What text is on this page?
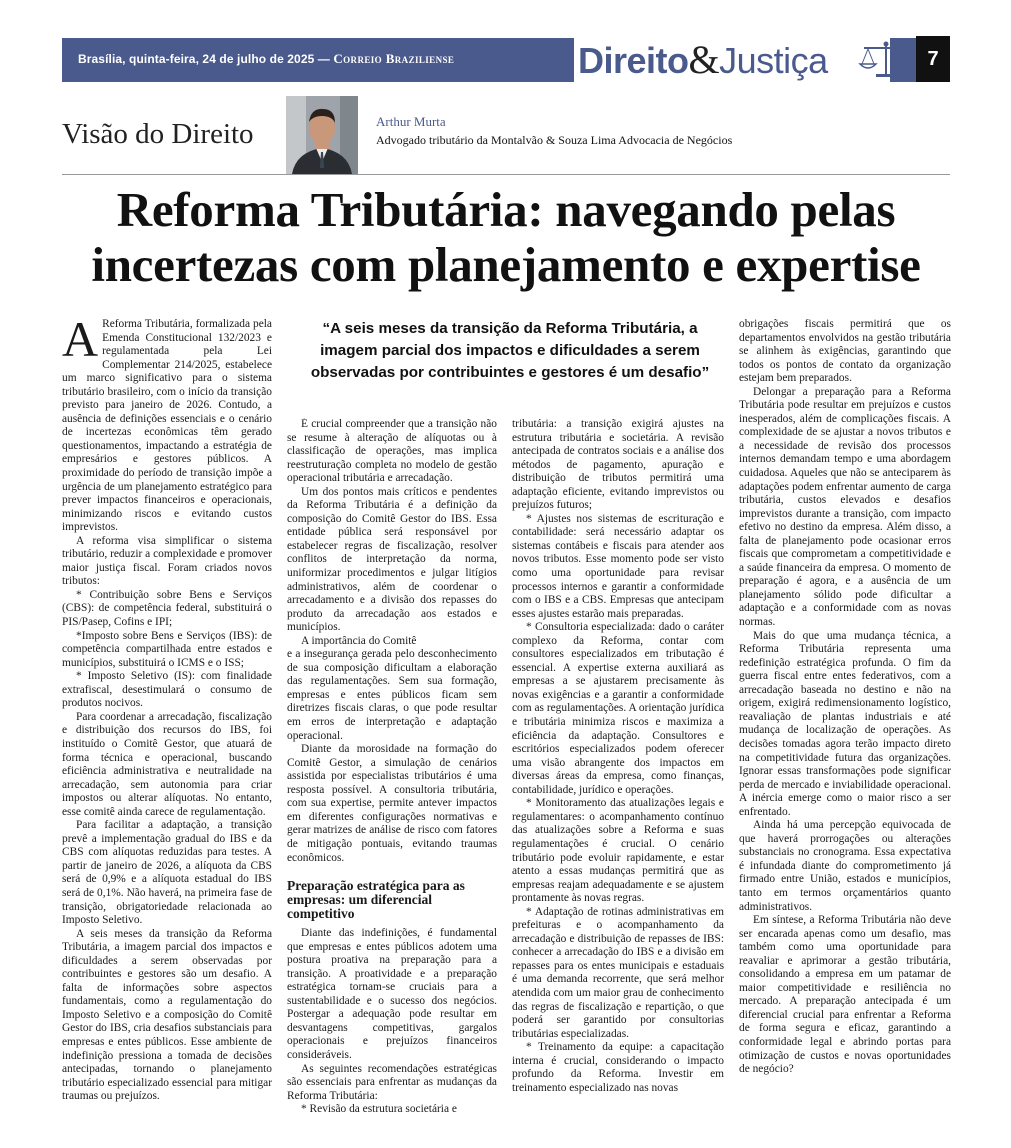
Brasília, quinta-feira, 24 de julho de 2025 — Correio Braziliense	Direito&Justiça	7
Visão do Direito	Arthur Murta
Advogado tributário da Montalvão & Souza Lima Advocacia de Negócios
Reforma Tributária: navegando pelas incertezas com planejamento e expertise
“A seis meses da transição da Reforma Tributária, a imagem parcial dos impactos e dificuldades a serem observadas por contribuintes e gestores é um desafio”

A Reforma Tributária, formalizada pela Emenda Constitucional 132/2023 e regulamentada pela Lei Complementar 214/2025, estabelece um marco significativo para o sistema tributário brasileiro, com o início da transição previsto para janeiro de 2026. Contudo, a ausência de definições essenciais e o cenário de incertezas econômicas têm gerado questionamentos, impactando a estratégia de empresários e gestores públicos. A proximidade do período de transição impõe a urgência de um planejamento estratégico para prever impactos financeiros e operacionais, minimizando riscos e evitando custos imprevistos.

A reforma visa simplificar o sistema tributário, reduzir a complexidade e promover maior justiça fiscal. Foram criados novos tributos:

* Contribuição sobre Bens e Serviços (CBS): de competência federal, substituirá o PIS/Pasep, Cofins e IPI;

*Imposto sobre Bens e Serviços (IBS): de competência compartilhada entre estados e municípios, substituirá o ICMS e o ISS;

* Imposto Seletivo (IS): com finalidade extrafiscal, desestimulará o consumo de produtos nocivos.

Para coordenar a arrecadação, fiscalização e distribuição dos recursos do IBS, foi instituído o Comitê Gestor, que atuará de forma técnica e operacional, buscando eficiência administrativa e neutralidade na arrecadação, sem autonomia para criar impostos ou alterar alíquotas. No entanto, esse comitê ainda carece de regulamentação.

Para facilitar a adaptação, a transição prevê a implementação gradual do IBS e da CBS com alíquotas reduzidas para testes. A partir de janeiro de 2026, a alíquota da CBS será de 0,9% e a alíquota estadual do IBS será de 0,1%. Não haverá, na primeira fase de transição, obrigatoriedade relacionada ao Imposto Seletivo.

A seis meses da transição da Reforma Tributária, a imagem parcial dos impactos e dificuldades a serem observadas por contribuintes e gestores são um desafio. A falta de informações sobre aspectos fundamentais, como a regulamentação do Imposto Seletivo e a composição do Comitê Gestor do IBS, cria desafios substanciais para empresas e entes públicos. Esse ambiente de indefinição pressiona a tomada de decisões antecipadas, tornando o planejamento tributário especializado essencial para mitigar traumas ou prejuízos.

É crucial compreender que a transição não se resume à alteração de alíquotas ou à classificação de operações, mas implica reestruturação completa no modelo de gestão operacional tributária e arrecadação.

Um dos pontos mais críticos e pendentes da Reforma Tributária é a definição da composição do Comitê Gestor do IBS. Essa entidade pública será responsável por estabelecer regras de fiscalização, resolver conflitos de interpretação da norma, uniformizar procedimentos e julgar litígios administrativos, além de coordenar o arrecadamento e a divisão dos repasses do produto da arrecadação aos estados e municípios.

A importância do Comitê

e a insegurança gerada pelo desconhecimento de sua composição dificultam a elaboração das regulamentações. Sem sua formação, empresas e entes públicos ficam sem diretrizes fiscais claras, o que pode resultar em erros de interpretação e adaptação operacional.

Diante da morosidade na formação do Comitê Gestor, a simulação de cenários assistida por especialistas tributários é uma resposta possível. A consultoria tributária, com sua expertise, permite antever impactos em diferentes configurações normativas e gerar matrizes de análise de risco com fatores de mitigação pontuais, evitando traumas econômicos.

Preparação estratégica para as empresas: um diferencial competitivo

Diante das indefinições, é fundamental que empresas e entes públicos adotem uma postura proativa na preparação para a transição. A proatividade e a preparação estratégica tornam-se cruciais para a sustentabilidade e o sucesso dos negócios. Postergar a adequação pode resultar em desvantagens competitivas, gargalos operacionais e prejuízos financeiros consideráveis.

As seguintes recomendações estratégicas são essenciais para enfrentar as mudanças da Reforma Tributária:

* Revisão da estrutura societária e

tributária: a transição exigirá ajustes na estrutura tributária e societária. A revisão antecipada de contratos sociais e a análise dos métodos de pagamento, apuração e distribuição de tributos permitirá uma adaptação eficiente, evitando imprevistos ou prejuízos futuros;

* Ajustes nos sistemas de escrituração e contabilidade: será necessário adaptar os sistemas contábeis e fiscais para atender aos novos tributos. Esse momento pode ser visto como uma oportunidade para revisar processos internos e garantir a conformidade com o IBS e a CBS. Empresas que antecipam esses ajustes estarão mais preparadas.

* Consultoria especializada: dado o caráter complexo da Reforma, contar com consultores especializados em tributação é essencial. A expertise externa auxiliará as empresas a se ajustarem precisamente às novas exigências e a garantir a conformidade com as regulamentações. A orientação jurídica e tributária minimiza riscos e maximiza a eficiência da adaptação. Consultores e escritórios especializados podem oferecer uma visão abrangente dos impactos em diversas áreas da empresa, como finanças, contabilidade, jurídico e operações.

* Monitoramento das atualizações legais e regulamentares: o acompanhamento contínuo das atualizações sobre a Reforma e suas regulamentações é crucial. O cenário tributário pode evoluir rapidamente, e estar atento a essas mudanças permitirá que as empresas reajam adequadamente e se ajustem prontamente às novas regras.

* Adaptação de rotinas administrativas em prefeituras e o acompanhamento da arrecadação e distribuição de repasses de IBS: conhecer a arrecadação do IBS e a divisão em repasses para os entes municipais e estaduais é uma demanda recorrente, que será melhor atendida com um maior grau de conhecimento das regras de fiscalização e repartição, o que poderá ser garantido por consultorias tributárias especializadas.

* Treinamento da equipe: a capacitação interna é crucial, considerando o impacto profundo da Reforma. Investir em treinamento especializado nas novas

obrigações fiscais permitirá que os departamentos envolvidos na gestão tributária se alinhem às exigências, garantindo que todos os pontos de contato da organização estejam bem preparados.

Delongar a preparação para a Reforma Tributária pode resultar em prejuízos e custos inesperados, além de complicações fiscais. A complexidade de se ajustar a novos tributos e a necessidade de revisão dos processos internos demandam tempo e uma abordagem cuidadosa. Aqueles que não se anteciparem às adaptações podem enfrentar aumento de carga tributária, custos elevados e desafios imprevistos durante a transição, com impacto efetivo no destino da empresa. Além disso, a falta de planejamento pode ocasionar erros fiscais que comprometam a competitividade e a saúde financeira da empresa. O momento de preparação é agora, e a ausência de um planejamento sólido pode dificultar a adaptação e a conformidade com as novas normas.

Mais do que uma mudança técnica, a Reforma Tributária representa uma redefinição estratégica profunda. O fim da guerra fiscal entre entes federativos, com a arrecadação baseada no destino e não na origem, exigirá redimensionamento logístico, reavaliação de plantas industriais e até mudança de localização de operações. As decisões tomadas agora terão impacto direto na competitividade futura das organizações. Ignorar essas transformações pode significar perda de mercado e inviabilidade operacional. A inércia emerge como o maior risco a ser enfrentado.

Ainda há uma percepção equivocada de que haverá prorrogações ou alterações substanciais no cronograma. Essa expectativa é infundada diante do comprometimento já firmado entre União, estados e municípios, tanto em termos orçamentários quanto administrativos.

Em síntese, a Reforma Tributária não deve ser encarada apenas como um desafio, mas também como uma oportunidade para reavaliar e aprimorar a gestão tributária, consolidando a empresa em um patamar de maior competitividade e resiliência no mercado. A preparação antecipada é um diferencial crucial para enfrentar a Reforma de forma segura e eficaz, garantindo a conformidade legal e abrindo portas para otimização de custos e novas oportunidades de negócio?
